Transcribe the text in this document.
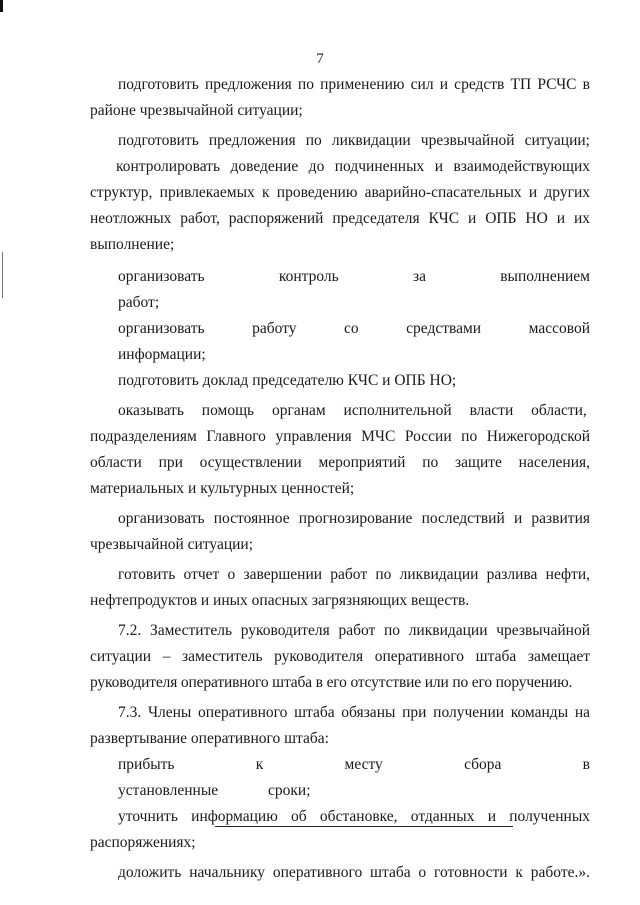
7

подготовить предложения по применению сил и средств ТП РСЧС в
районе чрезвычайной ситуации;

подготовить предложения по ликвидации чрезвычайной ситуации;

контролировать доведение до подчиненных и взаимодействующих
структур, привлекаемых к проведению аварийно-спасательных и других
неотложных работ, распоряжений председателя КЧС и ОПБ НО и их
выполнение;

организовать контроль за выполнением работ;

организовать работу со средствами массовой информации;

подготовить доклад председателю КЧС и ОПБ НО;

оказывать помощь органам исполнительной власти области,
подразделениям Главного управления МЧС России по Нижегородской
области при осуществлении мероприятий по защите населения,
материальных и культурных ценностей;

организовать постоянное прогнозирование последствий и развития
чрезвычайной ситуации;

готовить отчет о завершении работ по ликвидации разлива нефти,
нефтепродуктов и иных опасных загрязняющих веществ.

7.2. Заместитель руководителя работ по ликвидации чрезвычайной
ситуации – заместитель руководителя оперативного штаба замещает
руководителя оперативного штаба в его отсутствие или по его поручению.

7.3. Члены оперативного штаба обязаны при получении команды на
развертывание оперативного штаба:

прибыть к месту сбора в установленные сроки;

уточнить информацию об обстановке, отданных и полученных
распоряжениях;

доложить начальнику оперативного штаба о готовности к работе.».
